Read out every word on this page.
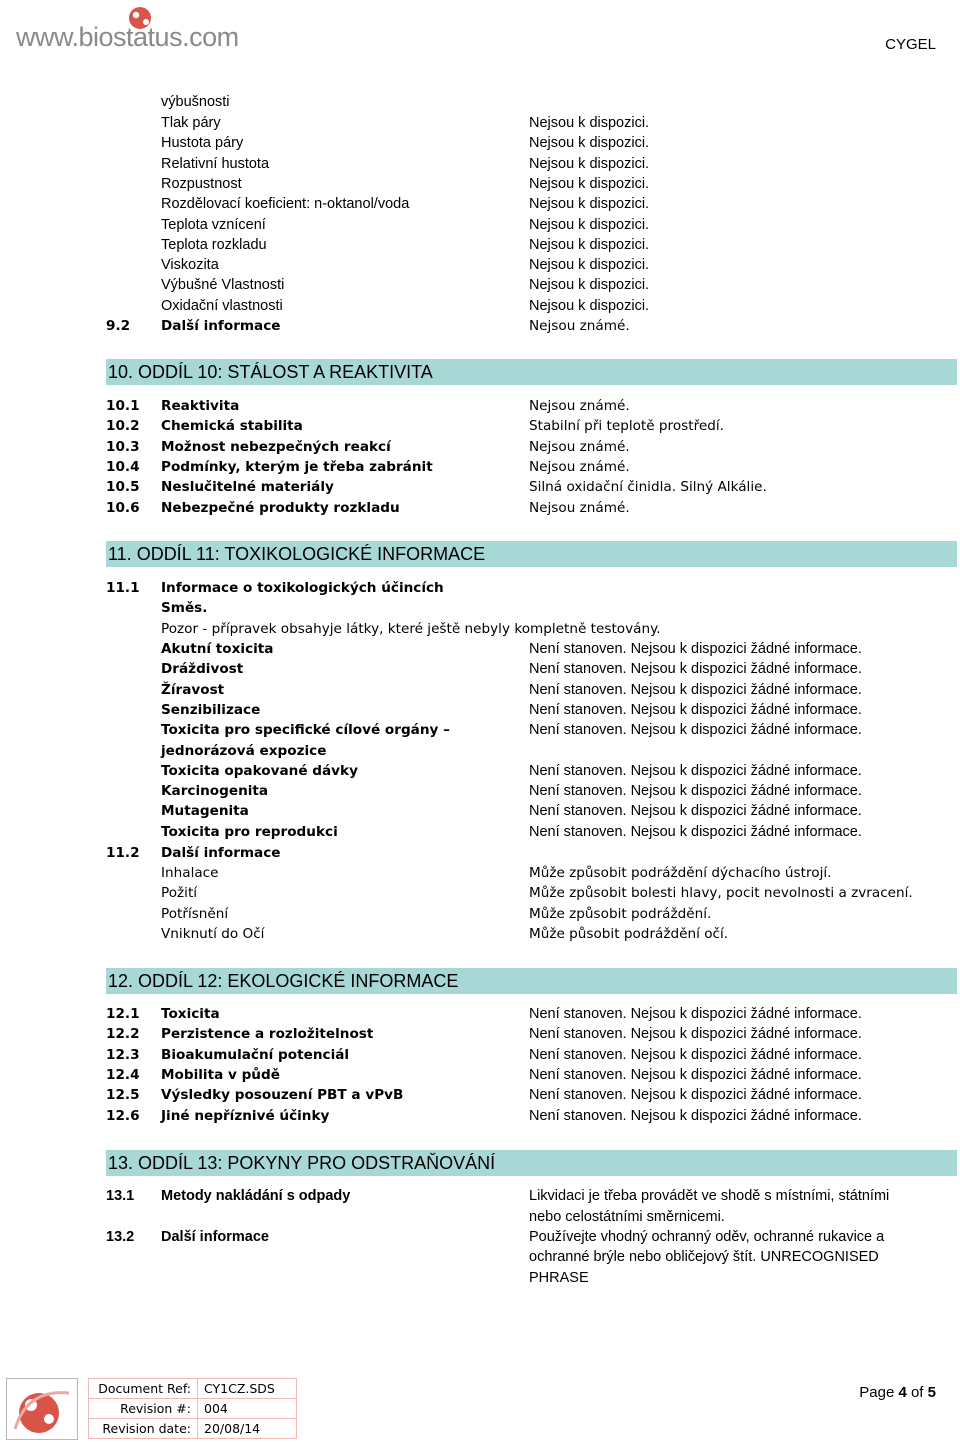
www.biostatus.com	CYGEL
výbušnosti
Tlak páry	Nejsou k dispozici.
Hustota páry	Nejsou k dispozici.
Relativní hustota	Nejsou k dispozici.
Rozpustnost	Nejsou k dispozici.
Rozdělovací koeficient: n-oktanol/voda	Nejsou k dispozici.
Teplota vznícení	Nejsou k dispozici.
Teplota rozkladu	Nejsou k dispozici.
Viskozita	Nejsou k dispozici.
Výbušné Vlastnosti	Nejsou k dispozici.
Oxidační vlastnosti	Nejsou k dispozici.
9.2 Další informace	Nejsou známé.
10. ODDÍL 10: STÁLOST A REAKTIVITA
10.1 Reaktivita	Nejsou známé.
10.2 Chemická stabilita	Stabilní při teplotě prostředí.
10.3 Možnost nebezpečných reakcí	Nejsou známé.
10.4 Podmínky, kterým je třeba zabránit	Nejsou známé.
10.5 Neslučitelné materiály	Silná oxidační činidla. Silný Alkálie.
10.6 Nebezpečné produkty rozkladu	Nejsou známé.
11. ODDÍL 11: TOXIKOLOGICKÉ INFORMACE
11.1 Informace o toxikologických účincích
Směs.
Pozor - přípravek obsahyje látky, které ještě nebyly kompletně testovány.
Akutní toxicita	Není stanoven. Nejsou k dispozici žádné informace.
Dráždivost	Není stanoven. Nejsou k dispozici žádné informace.
Žíravost	Není stanoven. Nejsou k dispozici žádné informace.
Senzibilizace	Není stanoven. Nejsou k dispozici žádné informace.
Toxicita pro specifické cílové orgány –	Není stanoven. Nejsou k dispozici žádné informace.
jednorázová expozice
Toxicita opakované dávky	Není stanoven. Nejsou k dispozici žádné informace.
Karcinogenita	Není stanoven. Nejsou k dispozici žádné informace.
Mutagenita	Není stanoven. Nejsou k dispozici žádné informace.
Toxicita pro reprodukci	Není stanoven. Nejsou k dispozici žádné informace.
11.2 Další informace
Inhalace	Může způsobit podráždění dýchacího ústrojí.
Požití	Může způsobit bolesti hlavy, pocit nevolnosti a zvracení.
Potřísnění	Může způsobit podráždění.
Vniknutí do Očí	Může působit podráždění očí.
12. ODDÍL 12: EKOLOGICKÉ INFORMACE
12.1 Toxicita	Není stanoven. Nejsou k dispozici žádné informace.
12.2 Perzistence a rozložitelnost	Není stanoven. Nejsou k dispozici žádné informace.
12.3 Bioakumulační potenciál	Není stanoven. Nejsou k dispozici žádné informace.
12.4 Mobilita v půdě	Není stanoven. Nejsou k dispozici žádné informace.
12.5 Výsledky posouzení PBT a vPvB	Není stanoven. Nejsou k dispozici žádné informace.
12.6 Jiné nepříznivé účinky	Není stanoven. Nejsou k dispozici žádné informace.
13. ODDÍL 13: POKYNY PRO ODSTRAŇOVÁNÍ
13.1 Metody nakládání s odpady	Likvidaci je třeba provádět ve shodě s místními, státními
nebo celostátními směrnicemi.
13.2 Další informace	Používejte vhodný ochranný oděv, ochranné rukavice a
ochranné brýle nebo obličejový štít. UNRECOGNISED
PHRASE
Document Ref:	CY1CZ.SDS
Revision #:	004
Revision date:	20/08/14
Page 4 of 5
